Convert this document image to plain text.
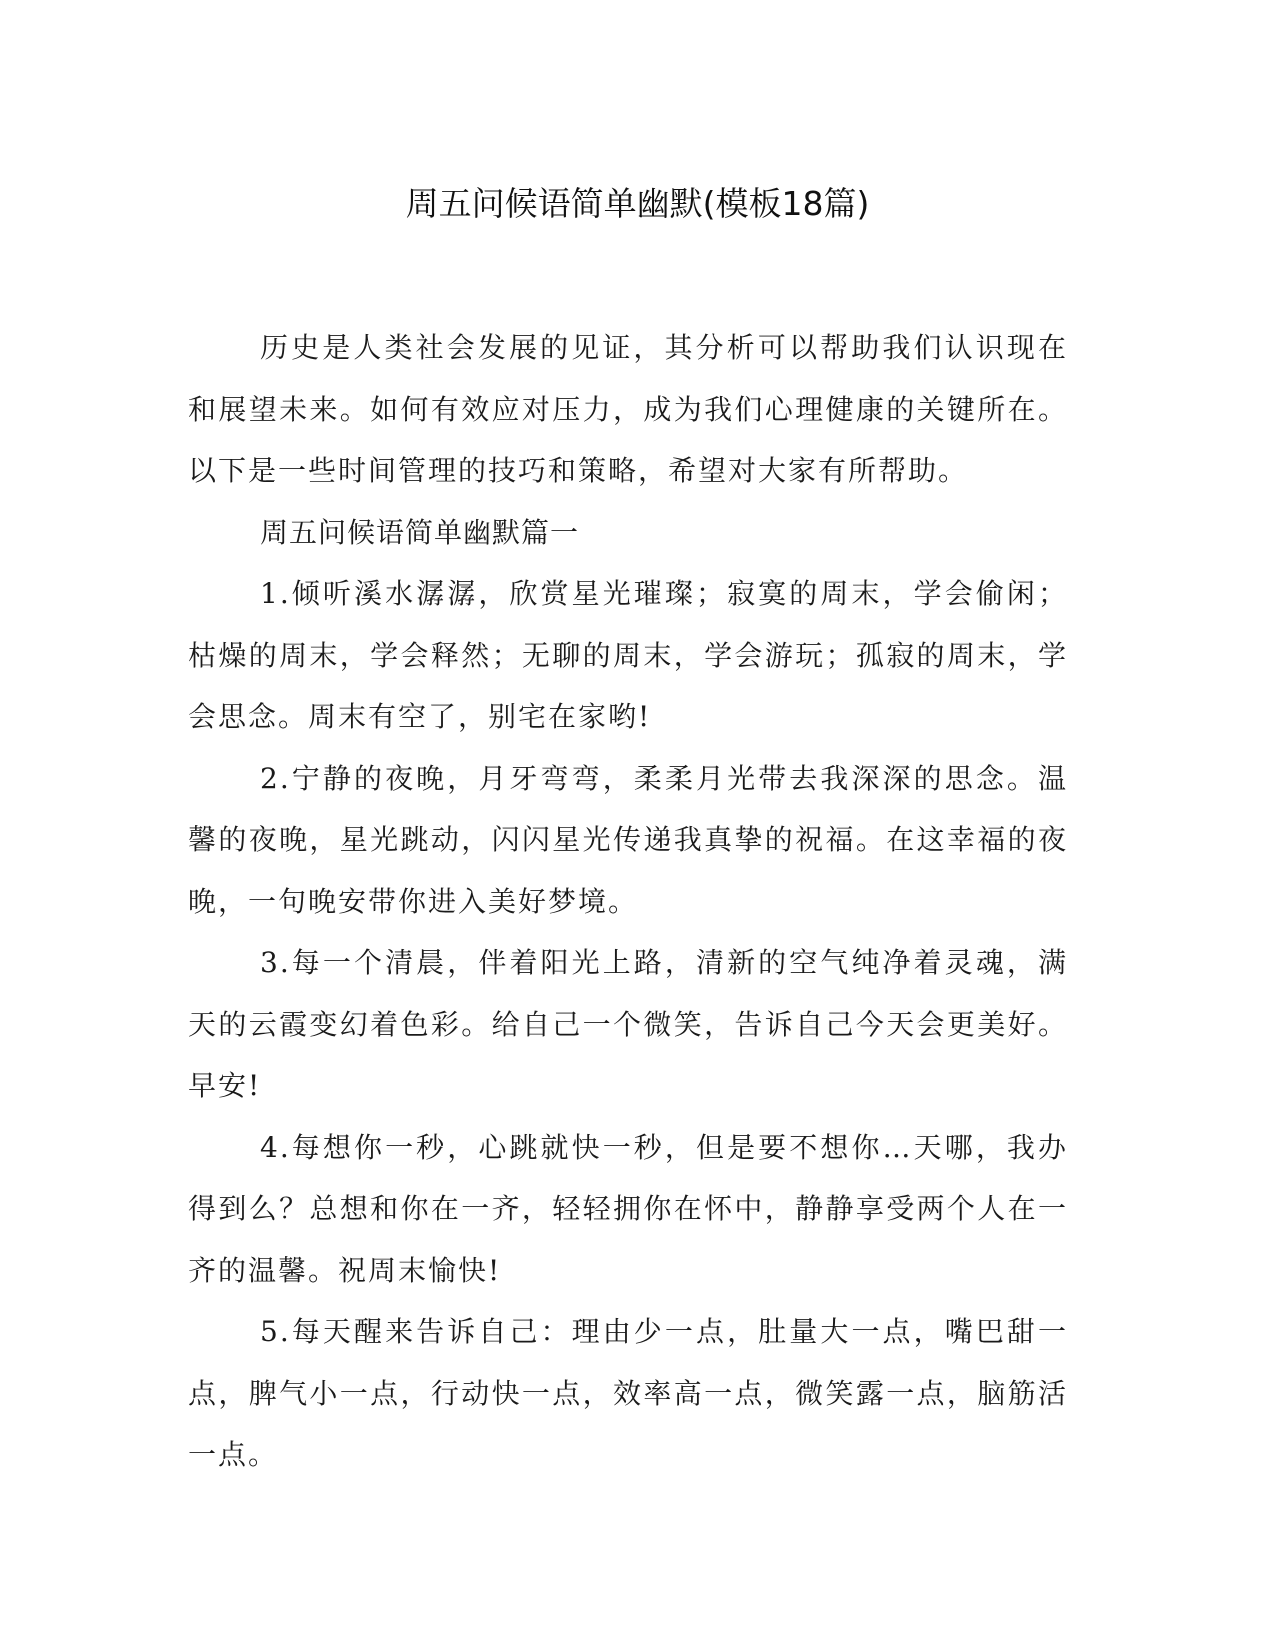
周五问候语简单幽默(模板18篇)

历史是人类社会发展的见证，其分析可以帮助我们认识现在和展望未来。如何有效应对压力，成为我们心理健康的关键所在。以下是一些时间管理的技巧和策略，希望对大家有所帮助。

周五问候语简单幽默篇一

1.倾听溪水潺潺，欣赏星光璀璨；寂寞的周末，学会偷闲；枯燥的周末，学会释然；无聊的周末，学会游玩；孤寂的周末，学会思念。周末有空了，别宅在家哟!

2.宁静的夜晚，月牙弯弯，柔柔月光带去我深深的思念。温馨的夜晚，星光跳动，闪闪星光传递我真挚的祝福。在这幸福的夜晚，一句晚安带你进入美好梦境。

3.每一个清晨，伴着阳光上路，清新的空气纯净着灵魂，满天的云霞变幻着色彩。给自己一个微笑，告诉自己今天会更美好。早安!

4.每想你一秒，心跳就快一秒，但是要不想你…天哪，我办得到么？总想和你在一齐，轻轻拥你在怀中，静静享受两个人在一齐的温馨。祝周末愉快!

5.每天醒来告诉自己：理由少一点，肚量大一点，嘴巴甜一点，脾气小一点，行动快一点，效率高一点，微笑露一点，脑筋活一点。
